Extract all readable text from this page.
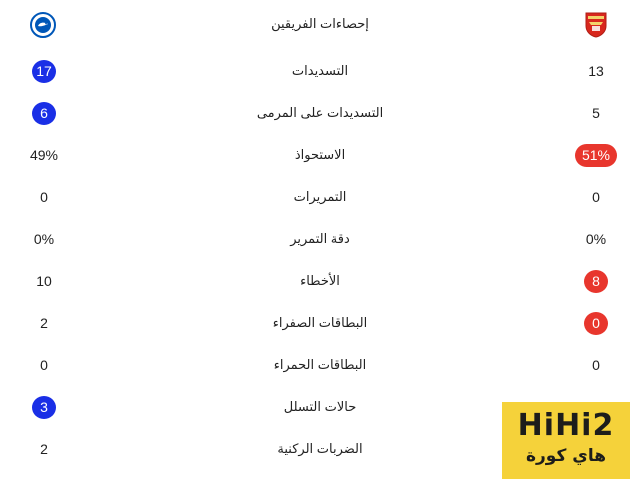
إحصاءات الفريقين
17	التسديدات	13
6	التسديدات على المرمى	5
49%	الاستحواذ	51%
0	التمريرات	0
0%	دقة التمرير	0%
10	الأخطاء	8
2	البطاقات الصفراء	0
0	البطاقات الحمراء	0
3	حالات التسلل
2	الضربات الركنية
HiHi2
هاي كورة
